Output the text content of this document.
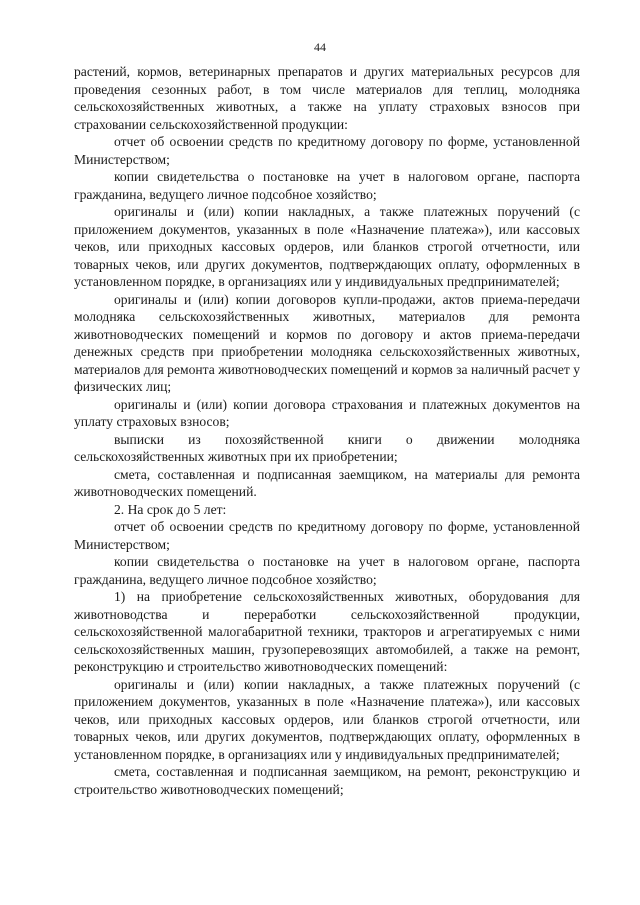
44

растений, кормов, ветеринарных препаратов и других материальных ресурсов для проведения сезонных работ, в том числе материалов для теплиц, молодняка сельскохозяйственных животных, а также на уплату страховых взносов при страховании сельскохозяйственной продукции:

отчет об освоении средств по кредитному договору по форме, установленной Министерством;

копии свидетельства о постановке на учет в налоговом органе, паспорта гражданина, ведущего личное подсобное хозяйство;

оригиналы и (или) копии накладных, а также платежных поручений (с приложением документов, указанных в поле «Назначение платежа»), или кассовых чеков, или приходных кассовых ордеров, или бланков строгой отчетности, или товарных чеков, или других документов, подтверждающих оплату, оформленных в установленном порядке, в организациях или у индивидуальных предпринимателей;

оригиналы и (или) копии договоров купли-продажи, актов приема-передачи молодняка сельскохозяйственных животных, материалов для ремонта животноводческих помещений и кормов по договору и актов приема-передачи денежных средств при приобретении молодняка сельскохозяйственных животных, материалов для ремонта животноводческих помещений и кормов за наличный расчет у физических лиц;

оригиналы и (или) копии договора страхования и платежных документов на уплату страховых взносов;

выписки из похозяйственной книги о движении молодняка сельскохозяйственных животных при их приобретении;

смета, составленная и подписанная заемщиком, на материалы для ремонта животноводческих помещений.

2. На срок до 5 лет:

отчет об освоении средств по кредитному договору по форме, установленной Министерством;

копии свидетельства о постановке на учет в налоговом органе, паспорта гражданина, ведущего личное подсобное хозяйство;

1) на приобретение сельскохозяйственных животных, оборудования для животноводства и переработки сельскохозяйственной продукции, сельскохозяйственной малогабаритной техники, тракторов и агрегатируемых с ними сельскохозяйственных машин, грузоперевозящих автомобилей, а также на ремонт, реконструкцию и строительство животноводческих помещений:

оригиналы и (или) копии накладных, а также платежных поручений (с приложением документов, указанных в поле «Назначение платежа»), или кассовых чеков, или приходных кассовых ордеров, или бланков строгой отчетности, или товарных чеков, или других документов, подтверждающих оплату, оформленных в установленном порядке, в организациях или у индивидуальных предпринимателей;

смета, составленная и подписанная заемщиком, на ремонт, реконструкцию и строительство животноводческих помещений;
